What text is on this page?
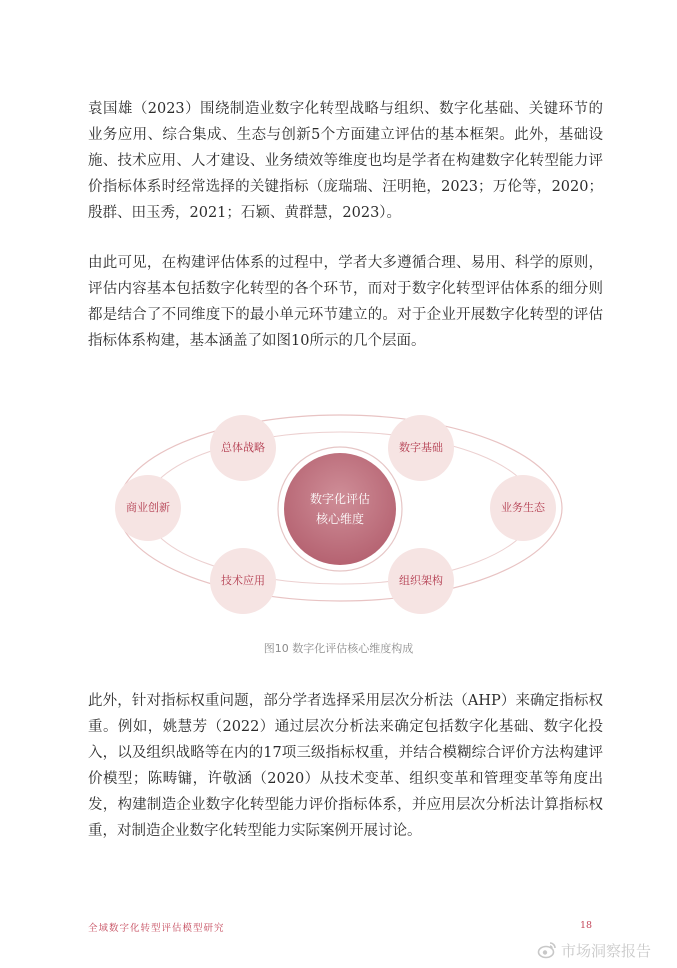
袁国雄（2023）围绕制造业数字化转型战略与组织、数字化基础、关键环节的业务应用、综合集成、生态与创新5个方面建立评估的基本框架。此外，基础设施、技术应用、人才建设、业务绩效等维度也均是学者在构建数字化转型能力评价指标体系时经常选择的关键指标（庞瑞瑞、汪明艳，2023；万伦等，2020；殷群、田玉秀，2021；石颖、黄群慧，2023）。

由此可见，在构建评估体系的过程中，学者大多遵循合理、易用、科学的原则，评估内容基本包括数字化转型的各个环节，而对于数字化转型评估体系的细分则都是结合了不同维度下的最小单元环节建立的。对于企业开展数字化转型的评估指标体系构建，基本涵盖了如图10所示的几个层面。

总体战略	数字基础
业务生态
组织架构
技术应用
商业创新
数字化评估
核心维度
图10 数字化评估核心维度构成

此外，针对指标权重问题，部分学者选择采用层次分析法（AHP）来确定指标权重。例如，姚慧芳（2022）通过层次分析法来确定包括数字化基础、数字化投入，以及组织战略等在内的17项三级指标权重，并结合模糊综合评价方法构建评价模型；陈畴镛，许敬涵（2020）从技术变革、组织变革和管理变革等角度出发，构建制造企业数字化转型能力评价指标体系，并应用层次分析法计算指标权重，对制造企业数字化转型能力实际案例开展讨论。

全域数字化转型评估模型研究	18
市场洞察报告
